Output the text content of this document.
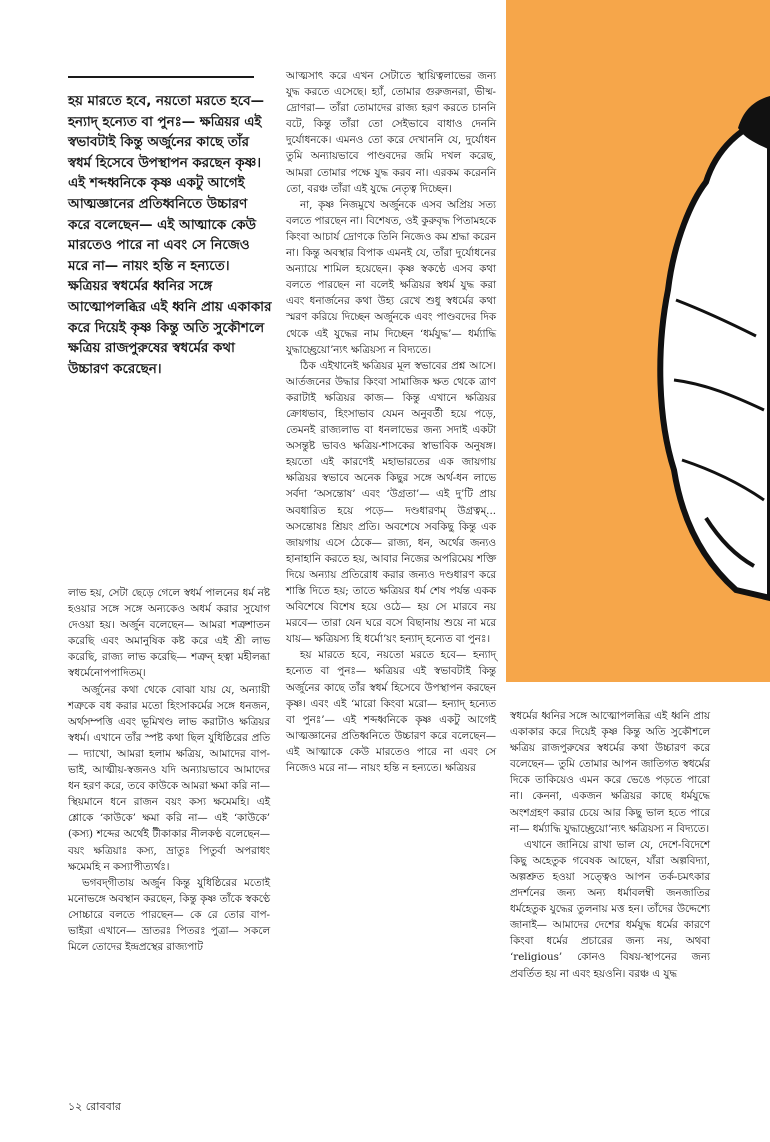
হয় মারতে হবে, নয়তো মরতে হবে— হন্যাদ্ হন্যেত বা পুনঃ— ক্ষত্রিয়র এই স্বভাবটাই কিন্তু অর্জুনের কাছে তাঁর স্বধর্ম হিসেবে উপস্থাপন করছেন কৃষ্ণ। এই শব্দধ্বনিকে কৃষ্ণ একটু আগেই আত্মজ্ঞানের প্রতিধ্বনিতে উচ্চারণ করে বলেছেন— এই আত্মাকে কেউ মারতেও পারে না এবং সে নিজেও মরে না— নায়ং হন্তি ন হন্যতে। ক্ষত্রিয়র স্বধর্মের ধ্বনির সঙ্গে আত্মোপলব্ধির এই ধ্বনি প্রায় একাকার করে দিয়েই কৃষ্ণ কিন্তু অতি সুকৌশলে ক্ষত্রিয় রাজপুরুষের স্বধর্মের কথা উচ্চারণ করেছেন।

লাভ হয়, সেটা ছেড়ে গেলে স্বধর্ম পালনের ধর্ম নষ্ট হওয়ার সঙ্গে সঙ্গে অন্যকেও অধর্ম করার সুযোগ দেওয়া হয়। অর্জুন বলেছেন— আমরা শত্রুশাতন করেছি এবং অমানুষিক কষ্ট করে এই শ্রী লাভ করেছি, রাজ্য লাভ করেছি— শত্রুন্ হত্বা মহীলব্ধা স্বধর্মেনোপপাদিতম্।

অর্জুনের কথা থেকে বোঝা যায় যে, অন্যায়ী শত্রুকে বধ করার মতো হিংসাকর্মের সঙ্গে ধনজন, অর্থসম্পত্তি এবং ভূমিখণ্ড লাভ করাটাও ক্ষত্রিয়র স্বধর্ম। এখানে তাঁর স্পষ্ট কথা ছিল যুধিষ্ঠিরের প্রতি— দ্যাখো, আমরা হলাম ক্ষত্রিয়, আমাদের বাপ-ভাই, আত্মীয়-স্বজনও যদি অন্যায়ভাবে আমাদের ধন হরণ করে, তবে কাউকে আমরা ক্ষমা করি না— স্থিয়মানে ধনে রাজন বয়ং কস্য ক্ষমেমহি। এই শ্লোকে ‘কাউকে’ ক্ষমা করি না— এই ‘কাউকে’ (কস্য) শব্দের অর্থেই টীকাকার নীলকণ্ঠ বলেছেন— বয়ং ক্ষত্রিয়াঃ কস্য, ভ্রাতুঃ পিতুর্বা অপরাধং ক্ষমেমহি ন কস্যাপীত্যর্থঃ।

ভগবদ্‌গীতায় অর্জুন কিন্তু যুধিষ্ঠিরের মতোই মনোভঙ্গে অবস্থান করছেন, কিন্তু কৃষ্ণ তাঁকে স্বকণ্ঠে সোচ্চারে বলতে পারছেন— কে রে তোর বাপ-ভাইরা এখানে— ভ্রাতরঃ পিতরঃ পুত্রা— সকলে মিলে তোদের ইন্দ্রপ্রস্থের রাজ্যপাট

আত্মসাৎ করে এখন সেটাতে স্থায়িত্বলাভের জন্য যুদ্ধ করতে এসেছে। হ্যাঁ, তোমার গুরুজনরা, ভীষ্ম-দ্রোণরা— তাঁরা তোমাদের রাজ্য হরণ করতে চাননি বটে, কিন্তু তাঁরা তো সেইভাবে বাধাও দেননি দুর্যোধনকে। এমনও তো করে দেখাননি যে, দুর্যোধন তুমি অন্যায়ভাবে পাণ্ডবদের জমি দখল করেছ, আমরা তোমার পক্ষে যুদ্ধ করব না। এরকম করেননি তো, বরঞ্চ তাঁরা এই যুদ্ধে নেতৃত্ব দিচ্ছেন।

না, কৃষ্ণ নিজমুখে অর্জুনকে এসব অপ্রিয় সত্য বলতে পারছেন না। বিশেষত, ওই কুরুবৃদ্ধ পিতামহকে কিংবা আচার্য দ্রোণকে তিনি নিজেও কম শ্রদ্ধা করেন না। কিন্তু অবস্থার বিপাক এমনই যে, তাঁরা দুর্যোধনের অন্যায়ে শামিল হয়েছেন। কৃষ্ণ স্বকণ্ঠে এসব কথা বলতে পারছেন না বলেই ক্ষত্রিয়র স্বধর্ম যুদ্ধ করা এবং ধনার্জনের কথা উহ্য রেখে শুধু স্বধর্মের কথা স্মরণ করিয়ে দিচ্ছেন অর্জুনকে এবং পাণ্ডবদের দিক থেকে এই যুদ্ধের নাম দিচ্ছেন ‘ধর্মযুদ্ধ’— ধর্ম্যাদ্ধি যুদ্ধাচ্ছ্রেয়োʼন্যৎ ক্ষত্রিয়স্য ন বিদ্যতে।

ঠিক এইখানেই ক্ষত্রিয়র মূল স্বভাবের প্রশ্ন আসে। আর্তজনের উদ্ধার কিংবা সামাজিক ক্ষত থেকে ত্রাণ করাটাই ক্ষত্রিয়র কাজ— কিন্তু এখানে ক্ষত্রিয়র ক্রোধভাব, হিংসাভাব যেমন অনুবর্তী হয়ে পড়ে, তেমনই রাজ্যলাভ বা ধনলাভের জন্য সদাই একটা অসন্তুষ্ট ভাবও ক্ষত্রিয়-শাসকের স্বাভাবিক অনুষঙ্গ। হয়তো এই কারণেই মহাভারতের এক জায়গায় ক্ষত্রিয়র স্বভাবে অনেক কিছুর সঙ্গে অর্থ-ধন লাভে সর্বদা ‘অসন্তোষ’ এবং ‘উগ্রতা’— এই দু’টি প্রায় অবধারিত হয়ে পড়ে— দণ্ডধারণম্ উগ্রত্বম্... অসন্তোষঃ শ্রিয়ং প্রতি। অবশেষে সবকিছু কিন্তু এক জায়গায় এসে ঠেকে— রাজ্য, ধন, অর্থের জন্যও হানাহানি করতে হয়, আবার নিজের অপরিমেয় শক্তি দিয়ে অন্যায় প্রতিরোধ করার জন্যও দণ্ডধারণ করে শাস্তি দিতে হয়; তাতে ক্ষত্রিয়র ধর্ম শেষ পর্যন্ত একক অবিশেষে বিশেষ হয়ে ওঠে— হয় সে মারবে নয় মরবে— তারা যেন ঘরে বসে বিছানায় শুয়ে না মরে যায়— ক্ষত্রিয়স্য হি ধর্মোʼয়ং হন্যাদ্ হন্যেত বা পুনঃ।

হয় মারতে হবে, নয়তো মরতে হবে— হন্যাদ্ হন্যেত বা পুনঃ— ক্ষত্রিয়র এই স্বভাবটাই কিন্তু অর্জুনের কাছে তাঁর স্বধর্ম হিসেবে উপস্থাপন করছেন কৃষ্ণ। এবং এই ‘মারো কিংবা মরো— হন্যাদ্ হন্যেত বা পুনঃ’— এই শব্দধ্বনিকে কৃষ্ণ একটু আগেই আত্মজ্ঞানের প্রতিধ্বনিতে উচ্চারণ করে বলেছেন— এই আত্মাকে কেউ মারতেও পারে না এবং সে নিজেও মরে না— নায়ং হন্তি ন হন্যতে। ক্ষত্রিয়র

স্বধর্মের ধ্বনির সঙ্গে আত্মোপলব্ধির এই ধ্বনি প্রায় একাকার করে দিয়েই কৃষ্ণ কিন্তু অতি সুকৌশলে ক্ষত্রিয় রাজপুরুষের স্বধর্মের কথা উচ্চারণ করে বলেছেন— তুমি তোমার আপন জাতিগত স্বধর্মের দিকে তাকিয়েও এমন করে ভেঙে পড়তে পারো না। কেননা, একজন ক্ষত্রিয়র কাছে ধর্মযুদ্ধে অংশগ্রহণ করার চেয়ে আর কিছু ভাল হতে পারে না— ধর্ম্যাদ্ধি যুদ্ধাচ্ছ্রেয়োʼন্যৎ ক্ষত্রিয়স্য ন বিদ্যতে।

এখানে জানিয়ে রাখা ভাল যে, দেশে-বিদেশে কিছু অহেতুক গবেষক আছেন, যাঁরা অল্পবিদ্যা, অল্পশ্রুত হওয়া সত্ত্বেও আপন তর্ক-চমৎকার প্রদর্শনের জন্য অন্য ধর্মাবলম্বী জনজাতির ধর্মহেতুক যুদ্ধের তুলনায় মত্ত হন। তাঁদের উদ্দেশ্যে জানাই— আমাদের দেশের ধর্মযুদ্ধ ধর্মের কারণে কিংবা ধর্মের প্রচারের জন্য নয়, অথবা ‘religious’ কোনও বিষয়-স্থাপনের জন্য প্রবর্তিত হয় না এবং হয়ওনি। বরঞ্চ এ যুদ্ধ

১২ রোববার
